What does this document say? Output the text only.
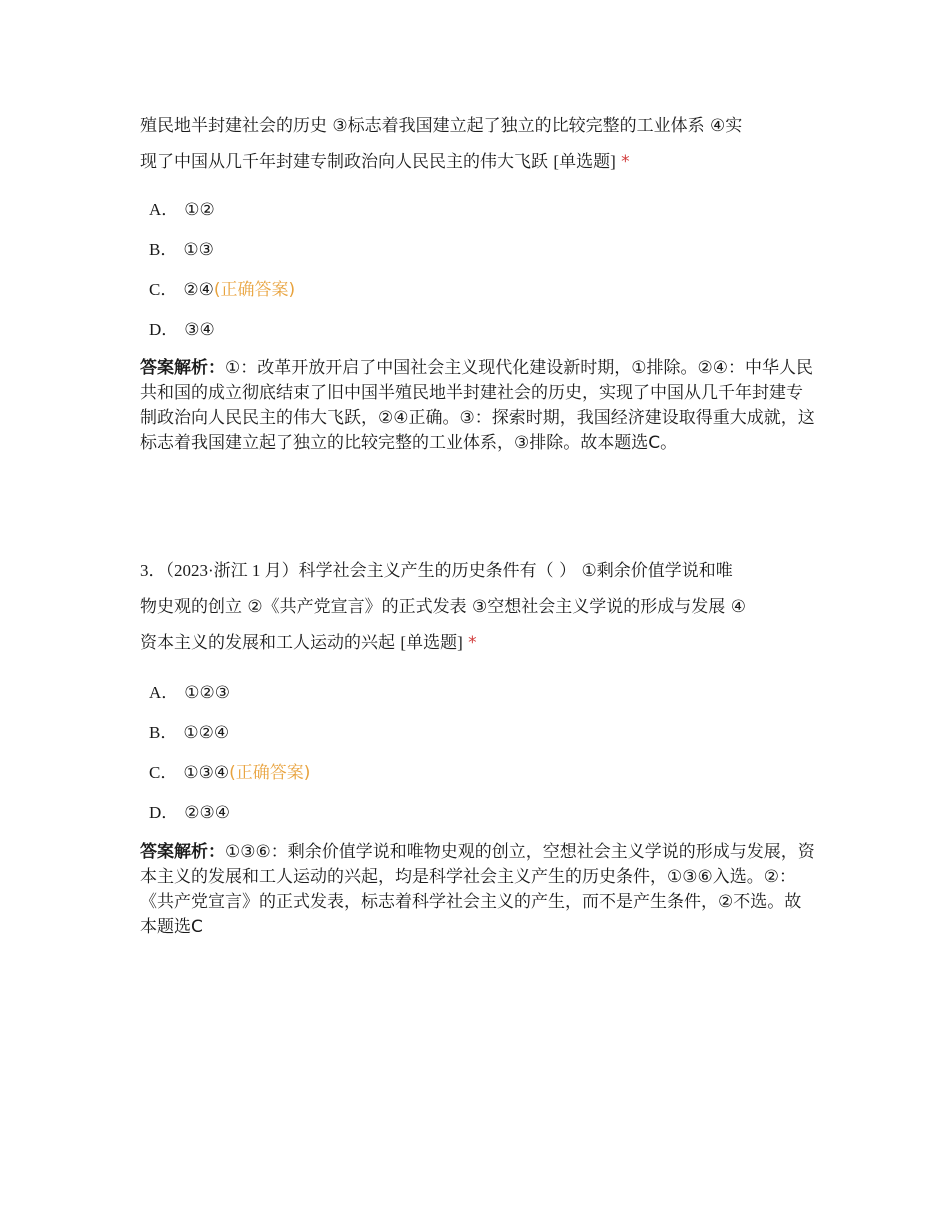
殖民地半封建社会的历史 ③标志着我国建立起了独立的比较完整的工业体系 ④实
现了中国从几千年封建专制政治向人民民主的伟大飞跃 [单选题] *

A． ①②
B． ①③
C． ②④(正确答案)
D． ③④

答案解析：①：改革开放开启了中国社会主义现代化建设新时期，①排除。②④：中华人民共和国的成立彻底结束了旧中国半殖民地半封建社会的历史，实现了中国从几千年封建专制政治向人民民主的伟大飞跃，②④正确。③：探索时期，我国经济建设取得重大成就，这标志着我国建立起了独立的比较完整的工业体系，③排除。故本题选C。

3．（2023·浙江 1 月）科学社会主义产生的历史条件有（ ） ①剩余价值学说和唯
物史观的创立 ②《共产党宣言》的正式发表 ③空想社会主义学说的形成与发展 ④
资本主义的发展和工人运动的兴起 [单选题] *

A． ①②③
B． ①②④
C． ①③④(正确答案)
D． ②③④

答案解析：①③⑥：剩余价值学说和唯物史观的创立，空想社会主义学说的形成与发展，资本主义的发展和工人运动的兴起，均是科学社会主义产生的历史条件，①③⑥入选。②：《共产党宣言》的正式发表，标志着科学社会主义的产生，而不是产生条件，②不选。故本题选C
